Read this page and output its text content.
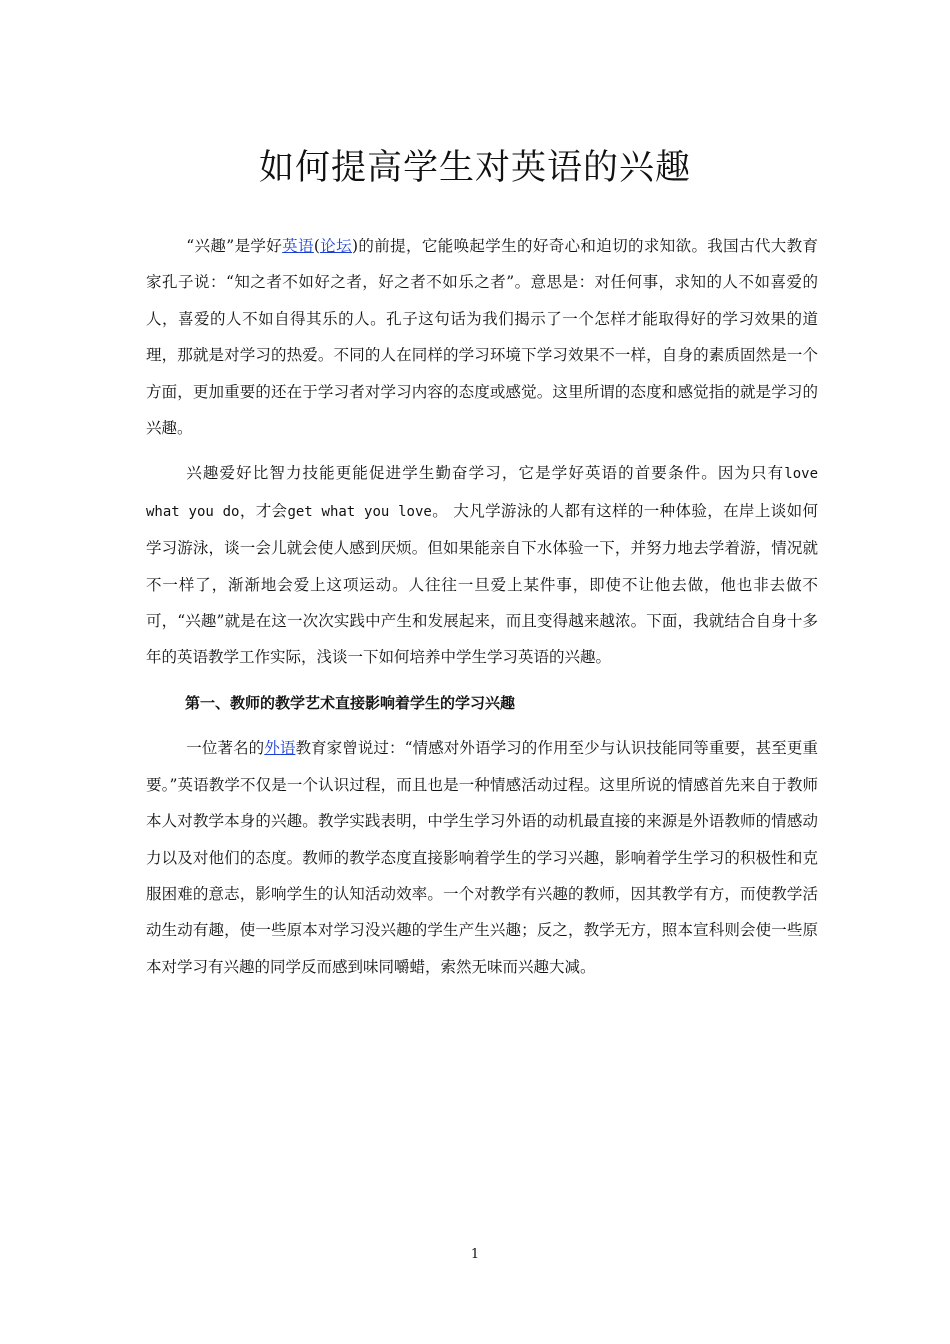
如何提高学生对英语的兴趣

“兴趣”是学好英语(论坛)的前提，它能唤起学生的好奇心和迫切的求知欲。我国古代大教育家孔子说：“知之者不如好之者，好之者不如乐之者”。意思是：对任何事，求知的人不如喜爱的人，喜爱的人不如自得其乐的人。孔子这句话为我们揭示了一个怎样才能取得好的学习效果的道理，那就是对学习的热爱。不同的人在同样的学习环境下学习效果不一样，自身的素质固然是一个方面，更加重要的还在于学习者对学习内容的态度或感觉。这里所谓的态度和感觉指的就是学习的兴趣。

兴趣爱好比智力技能更能促进学生勤奋学习，它是学好英语的首要条件。因为只有love what you do，才会get what you love。 大凡学游泳的人都有这样的一种体验，在岸上谈如何学习游泳，谈一会儿就会使人感到厌烦。但如果能亲自下水体验一下，并努力地去学着游，情况就不一样了，渐渐地会爱上这项运动。人往往一旦爱上某件事，即使不让他去做，他也非去做不可，“兴趣”就是在这一次次实践中产生和发展起来，而且变得越来越浓。下面，我就结合自身十多年的英语教学工作实际，浅谈一下如何培养中学生学习英语的兴趣。

第一、教师的教学艺术直接影响着学生的学习兴趣

一位著名的外语教育家曾说过：“情感对外语学习的作用至少与认识技能同等重要，甚至更重要。”英语教学不仅是一个认识过程，而且也是一种情感活动过程。这里所说的情感首先来自于教师本人对教学本身的兴趣。教学实践表明，中学生学习外语的动机最直接的来源是外语教师的情感动力以及对他们的态度。教师的教学态度直接影响着学生的学习兴趣，影响着学生学习的积极性和克服困难的意志，影响学生的认知活动效率。一个对教学有兴趣的教师，因其教学有方，而使教学活动生动有趣，使一些原本对学习没兴趣的学生产生兴趣；反之，教学无方，照本宣科则会使一些原本对学习有兴趣的同学反而感到味同嚼蜡，索然无味而兴趣大减。

1
